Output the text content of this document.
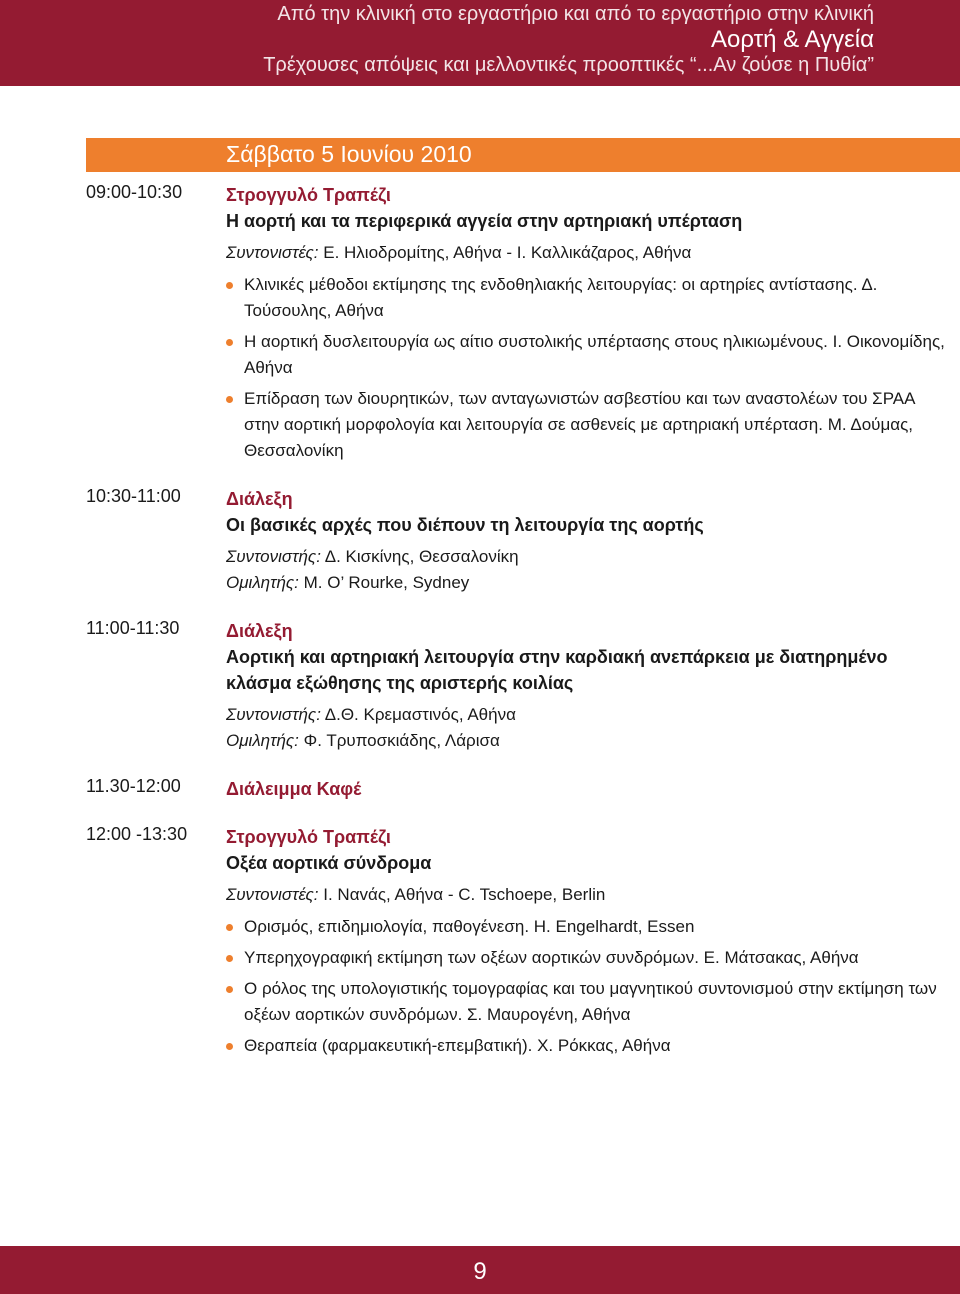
Από την κλινική στο εργαστήριο και από το εργαστήριο στην κλινική
Αορτή & Αγγεία
Τρέχουσες απόψεις και μελλοντικές προοπτικές “...Αν ζούσε η Πυθία”
Σάββατο 5 Ιουνίου 2010
09:00-10:30 Στρογγυλό Τραπέζι
Η αορτή και τα περιφερικά αγγεία στην αρτηριακή υπέρταση
Συντονιστές: Ε. Ηλιοδρομίτης, Αθήνα - Ι. Καλλικάζαρος, Αθήνα
Κλινικές μέθοδοι εκτίμησης της ενδοθηλιακής λειτουργίας: οι αρτηρίες αντίστασης. Δ. Τούσουλης, Αθήνα
Η αορτική δυσλειτουργία ως αίτιο συστολικής υπέρτασης στους ηλικιωμένους. Ι. Οικονομίδης, Αθήνα
Επίδραση των διουρητικών, των ανταγωνιστών ασβεστίου και των αναστολέων του ΣΡΑΑ στην αορτική μορφολογία και λειτουργία σε ασθενείς με αρτηριακή υπέρταση. Μ. Δούμας, Θεσσαλονίκη
10:30-11:00	Διάλεξη
Οι βασικές αρχές που διέπουν τη λειτουργία της αορτής
Συντονιστής: Δ. Κισκίνης, Θεσσαλονίκη
Ομιλητής: M. O’ Rourke, Sydney
11:00-11:30	Διάλεξη
Αορτική και αρτηριακή λειτουργία στην καρδιακή ανεπάρκεια με διατηρημένο κλάσμα εξώθησης της αριστερής κοιλίας
Συντονιστής: Δ.Θ. Κρεμαστινός, Αθήνα
Ομιλητής: Φ. Τρυποσκιάδης, Λάρισα
11.30-12:00	Διάλειμμα Καφέ
12:00 -13:30 Στρογγυλό Τραπέζι
Οξέα αορτικά σύνδρομα
Συντονιστές: Ι. Ναvάς, Αθήνα - C. Tschoepe, Berlin
Ορισμός, επιδημιολογία, παθογένεση. H. Engelhardt, Essen
Υπερηχογραφική εκτίμηση των οξέων αορτικών συνδρόμων. Ε. Μάτσακας, Αθήνα
Ο ρόλος της υπολογιστικής τομογραφίας και του μαγνητικού συντονισμού στην εκτίμηση των οξέων αορτικών συνδρόμων. Σ. Μαυρογένη, Αθήνα
Θεραπεία (φαρμακευτική-επεμβατική). Χ. Ρόκκας, Αθήνα
9
